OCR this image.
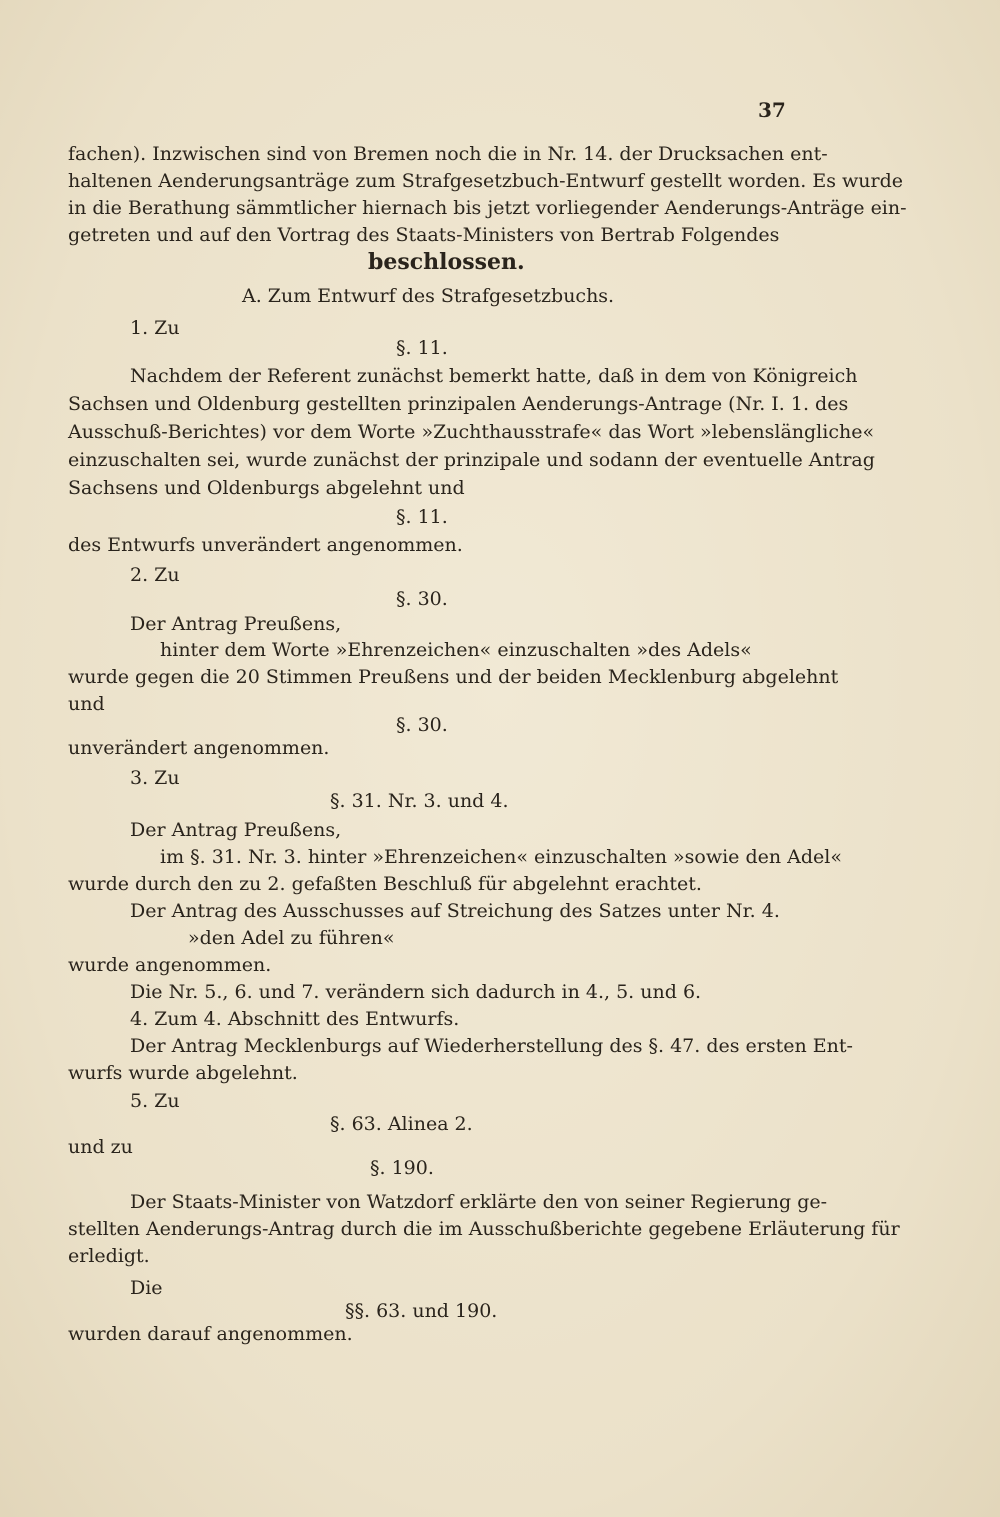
37
fachen). Inzwischen sind von Bremen noch die in Nr. 14. der Drucksachen ent-
haltenen Aenderungsanträge zum Strafgesetzbuch-Entwurf gestellt worden. Es wurde
in die Berathung sämmtlicher hiernach bis jetzt vorliegender Aenderungs-Anträge ein-
getreten und auf den Vortrag des Staats-Ministers von Bertrab Folgendes
beschlossen.
A. Zum Entwurf des Strafgesetzbuchs.
1. Zu
§. 11.
Nachdem der Referent zunächst bemerkt hatte, daß in dem von Königreich
Sachsen und Oldenburg gestellten prinzipalen Aenderungs-Antrage (Nr. I. 1. des
Ausschuß-Berichtes) vor dem Worte »Zuchthausstrafe« das Wort »lebenslängliche«
einzuschalten sei, wurde zunächst der prinzipale und sodann der eventuelle Antrag
Sachsens und Oldenburgs abgelehnt und
§. 11.
des Entwurfs unverändert angenommen.
2. Zu
§. 30.
Der Antrag Preußens,
hinter dem Worte »Ehrenzeichen« einzuschalten »des Adels«
wurde gegen die 20 Stimmen Preußens und der beiden Mecklenburg abgelehnt
und
§. 30.
unverändert angenommen.
3. Zu
§. 31. Nr. 3. und 4.
Der Antrag Preußens,
im §. 31. Nr. 3. hinter »Ehrenzeichen« einzuschalten »sowie den Adel«
wurde durch den zu 2. gefaßten Beschluß für abgelehnt erachtet.
Der Antrag des Ausschusses auf Streichung des Satzes unter Nr. 4.
»den Adel zu führen«
wurde angenommen.
Die Nr. 5., 6. und 7. verändern sich dadurch in 4., 5. und 6.
4. Zum 4. Abschnitt des Entwurfs.
Der Antrag Mecklenburgs auf Wiederherstellung des §. 47. des ersten Ent-
wurfs wurde abgelehnt.
5. Zu
§. 63. Alinea 2.
und zu
§. 190.
Der Staats-Minister von Watzdorf erklärte den von seiner Regierung ge-
stellten Aenderungs-Antrag durch die im Ausschußberichte gegebene Erläuterung für
erledigt.
Die
§§. 63. und 190.
wurden darauf angenommen.
